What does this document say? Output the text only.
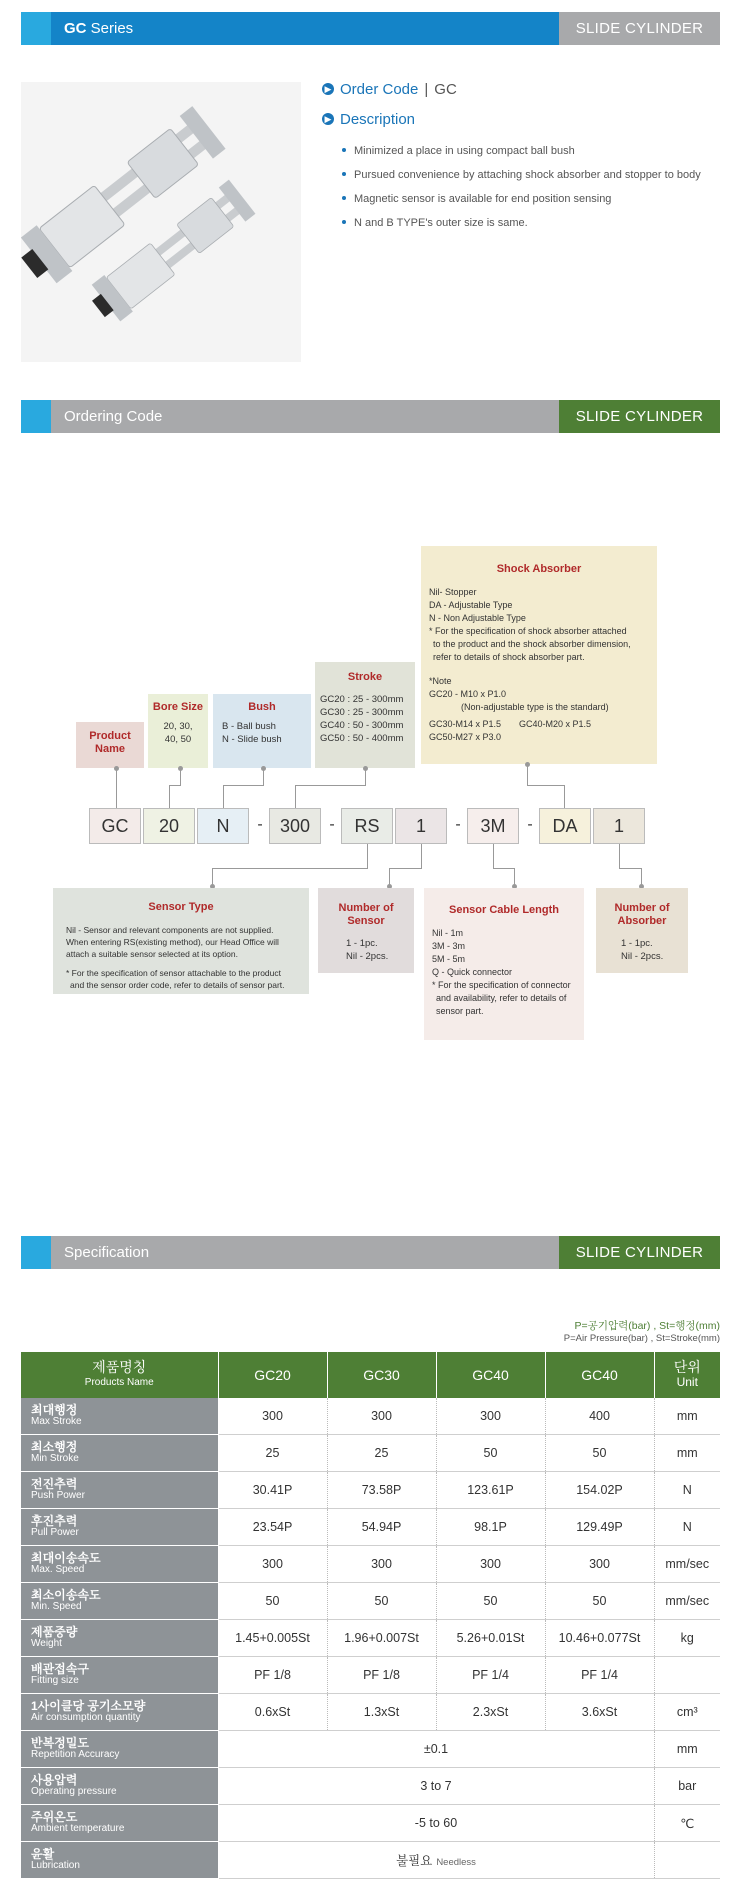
GC Series	SLIDE CYLINDER
▶ Order Code | GC
▶ Description
Minimized a place in using compact ball bush
Pursued convenience by attaching shock absorber and stopper to body
Magnetic sensor is available for end position sensing
N and B TYPE's outer size is same.
Ordering Code	SLIDE CYLINDER
Product Name
Bore Size
20, 30,
40, 50
Bush
B - Ball bush
N - Slide bush
Stroke
GC20 : 25 - 300mm
GC30 : 25 - 300mm
GC40 : 50 - 300mm
GC50 : 50 - 400mm
Shock Absorber
Nil- Stopper
DA - Adjustable Type
N - Non Adjustable Type
* For the specification of shock absorber attached
to the product and the shock absorber dimension,
refer to details of shock absorber part.
*Note
GC20 - M10 x P1.0
(Non-adjustable type is the standard)
GC30-M14 x P1.5 GC40-M20 x P1.5
GC50-M27 x P3.0
GC	20	N	- 300	-	RS	1	-	3M	-	DA	1
Sensor Type
Nil - Sensor and relevant components are not supplied.
When entering RS(existing method), our Head Office will
attach a suitable sensor selected at its option.
* For the specification of sensor attachable to the product
and the sensor order code, refer to details of sensor part.
Number of
Sensor
1 - 1pc.
Nil - 2pcs.
Sensor Cable Length
Nil - 1m
3M - 3m
5M - 5m
Q - Quick connector
* For the specification of connector
and availability, refer to details of
sensor part.
Number of
Absorber
1 - 1pc.
Nil - 2pcs.
Specification	SLIDE CYLINDER
P=공기압력(bar) , St=행정(mm)
P=Air Pressure(bar) , St=Stroke(mm)
제품명칭
Products Name	GC20	GC30	GC40	GC40	단위
Unit

최대행정
Max Stroke	300	300	300	400	mm

최소행정
Min Stroke	25	25	50	50	mm

전진추력
Push Power	30.41P	73.58P	123.61P	154.02P	N

후진추력
Pull Power	23.54P	54.94P	98.1P	129.49P	N

최대이송속도
Max. Speed	300	300	300	300	mm/sec

최소이송속도
Min. Speed	50	50	50	50	mm/sec

제품중량
Weight	1.45+0.005St	1.96+0.007St	5.26+0.01St	10.46+0.077St	kg

배관접속구
Fitting size	PF 1/8	PF 1/8	PF 1/4	PF 1/4	

1사이클당 공기소모량
Air consumption quantity	0.6xSt	1.3xSt	2.3xSt	3.6xSt	cm³

반복정밀도
Repetition Accuracy	±0.1				mm

사용압력
Operating pressure	3 to 7				bar

주위온도
Ambient temperature	-5 to 60				℃

윤활
Lubrication	불필요 Needless				
